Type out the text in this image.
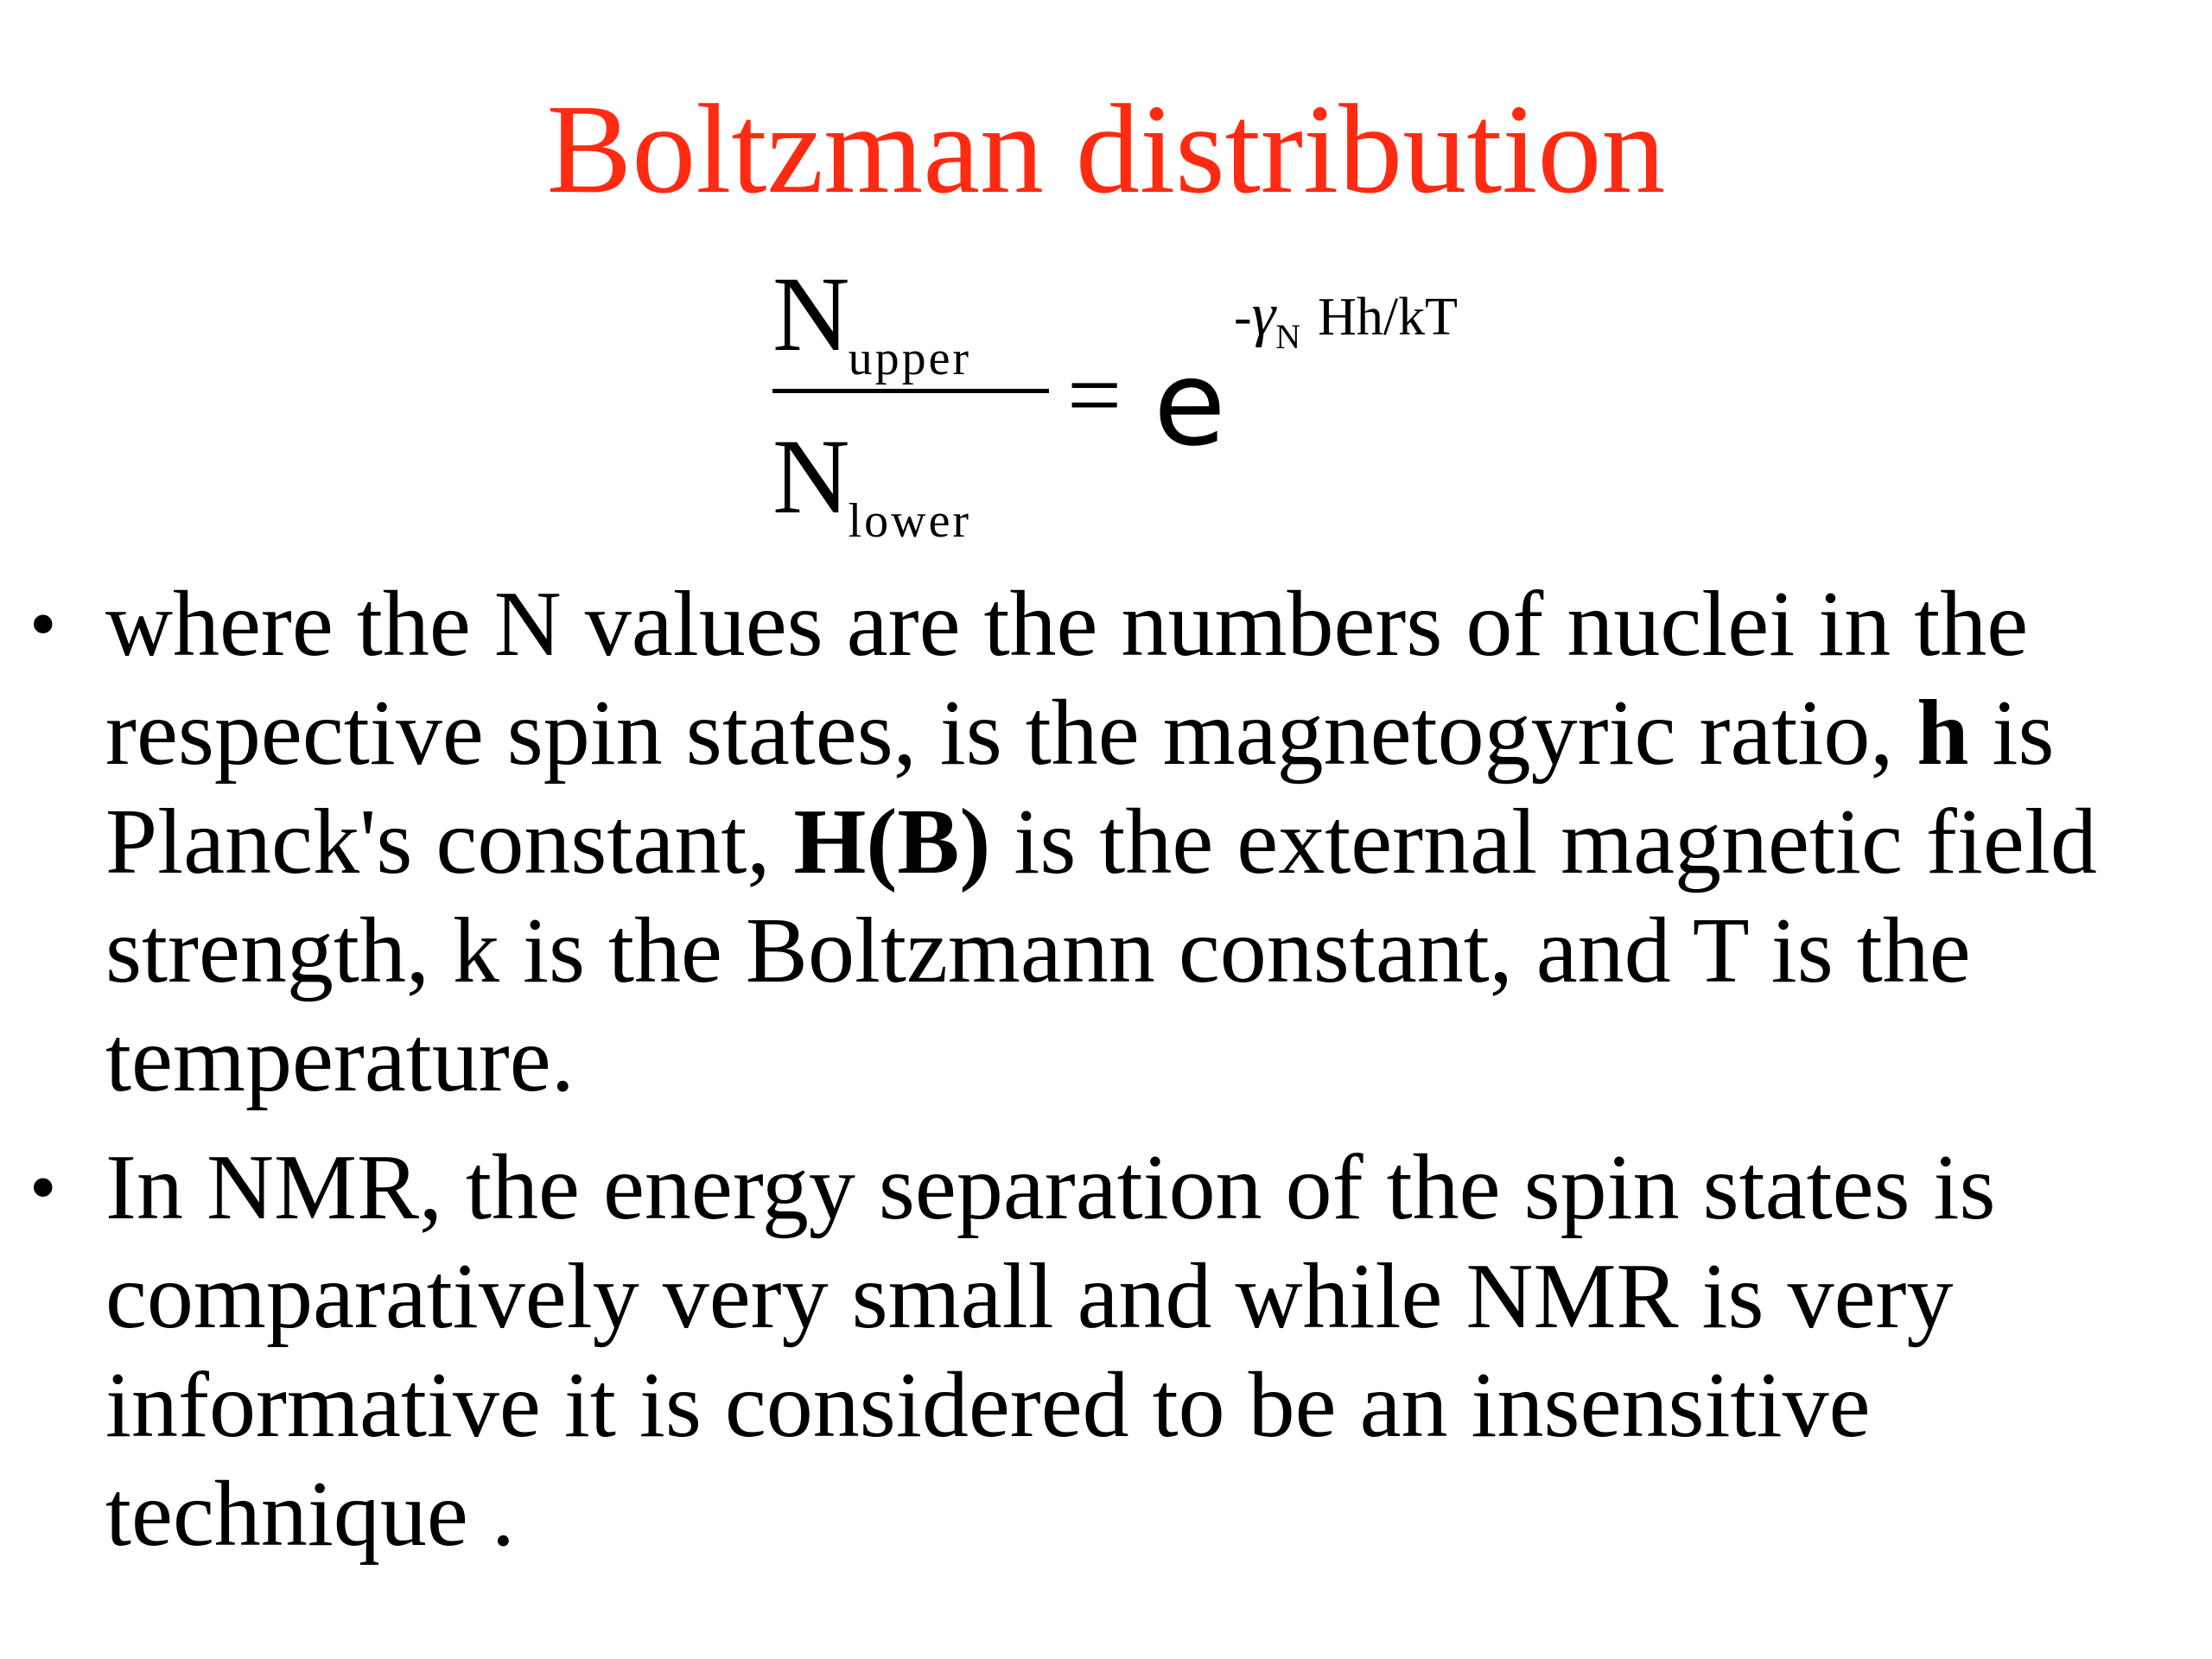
Boltzman distribution
$N_{upper}$
$N_{lower}$
= e
$-\gamma_N$ Hh/kT
• where the N values are the numbers of nuclei in the respective spin states, is the magnetogyric ratio, h is Planck's constant, H(B) is the external magnetic field strength, k is the Boltzmann constant, and T is the temperature.
• In NMR, the energy separation of the spin states is comparatively very small and while NMR is very informative it is considered to be an insensitive technique .
